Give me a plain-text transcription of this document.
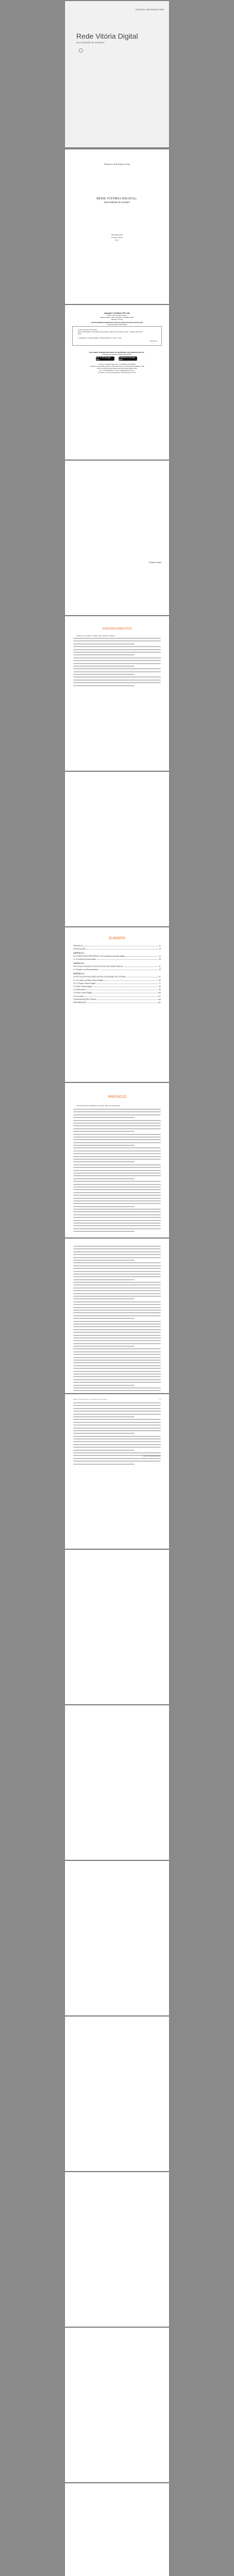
Francisco José Soares Costa
Rede Vitória Digital
uma tradução às avessas?
Francisco José Soares Costa
REDE VITÓRIA DIGITAL:
uma tradução às avessas?
EDITORA CRV
Curitiba - Brasil
2017
Copyright © da Editora CRV Ltda.
Editor-chefe: Railson Moura
Diagramação e Capa: Designers da Editora CRV
Revisão: O Autor
DADOS INTERNACIONAIS DE CATALOGAÇÃO NA PUBLICAÇÃO (CIP)
CATALOGAÇÃO NA FONTE
Costa, Francisco José Soares
Rede Vitória Digital: uma tradução às avessas? / Francisco José Soares Costa – Curitiba: CRV, 2017.
160 p.
1. Educação 2. Inclusão Digital 3. Políticas Públicas I. Título. II. Série
CDD 370.1
ESTA OBRA TAMBÉM ENCONTRA-SE DISPONÍVEL EM FORMATO DIGITAL.
CONHEÇA E BAIXE NOSSO APLICATIVO!
GET IT ON Google Play
Download on the App Store
Foi feito o depósito legal conf. Lei 10.994 de 14/12/2004
Proibida a reprodução parcial ou total desta obra sem autorização da Editora CRV
Todos os direitos desta edição reservados pela: Editora CRV
Tel.: (41) 3039-6418 - E-mail: sac@editoracrv.com.br
Conheça os nossos lançamentos: www.editoracrv.com.br
À Andrea Lobato.
AGRADECIMENTOS
A Deus, por sua graça e infinito amor, sustento e amparo.
SUMÁRIO
PREFÁCIO	11
INTRODUÇÃO	13
CAPÍTULO 1
DO TERRITÓRIO PERIFÉRICO: da exclusão à inclusão digital	21
1.1 A política de informação	25
CAPÍTULO 2
POLÍTICAS SOCIAIS E POLÍTICAS DE INCLUSÃO DIGITAL	37
2.1 Estado e políticas públicas	43
CAPÍTULO 3
A POLÍTICA DE INCLUSÃO DIGITAL DA REGIÃO DE VITÓRIA	57
3.1 Os atores da Rede Vitória Digital	63
3.2 O Projeto Vitória Digital	71
3.3 Rede Vitória Digital	83
3.4 Telecentros	95
3.5 Rede Vitória Digital	105
3.6 Conexão	117
CONSIDERAÇÕES FINAIS	145
REFERÊNCIAS	151
PREFÁCIO
Uma (des)costura privilegiada do projeto diante da comunicação.
REDE VITÓRIA DIGITAL: uma tradução às avessas?	13
Desirée Cipriano Rabelo
